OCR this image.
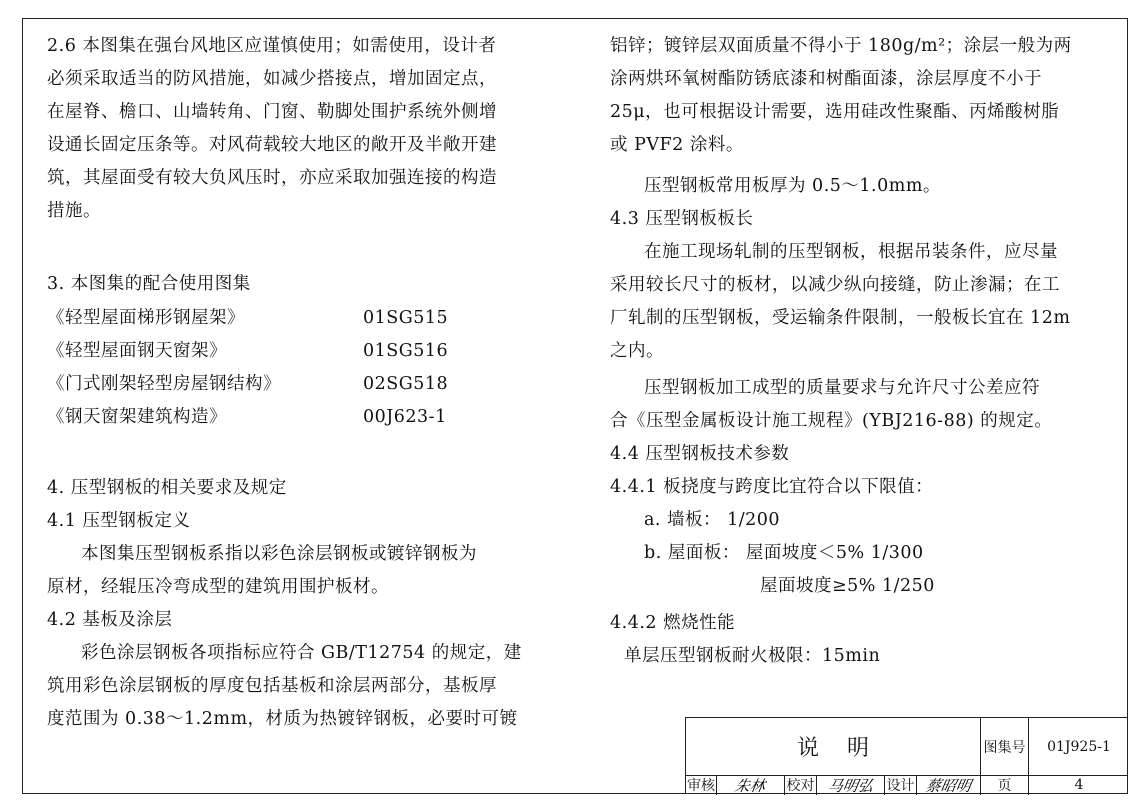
2.6 本图集在强台风地区应谨慎使用；如需使用，设计者
必须采取适当的防风措施，如减少搭接点，增加固定点，
在屋脊、檐口、山墙转角、门窗、勒脚处围护系统外侧增
设通长固定压条等。对风荷载较大地区的敞开及半敞开建
筑，其屋面受有较大负风压时，亦应采取加强连接的构造
措施。
3. 本图集的配合使用图集
4. 压型钢板的相关要求及规定
4.1 压型钢板定义
本图集压型钢板系指以彩色涂层钢板或镀锌钢板为
原材，经辊压冷弯成型的建筑用围护板材。
4.2 基板及涂层
彩色涂层钢板各项指标应符合 GB/T12754 的规定，建
筑用彩色涂层钢板的厚度包括基板和涂层两部分，基板厚
度范围为 0.38～1.2mm，材质为热镀锌钢板，必要时可镀
《轻型屋面梯形钢屋架》	01SG515
《轻型屋面钢天窗架》	01SG516
《门式刚架轻型房屋钢结构》	02SG518
《钢天窗架建筑构造》	00J623-1
铝锌；镀锌层双面质量不得小于 180g/m²；涂层一般为两
涂两烘环氧树酯防锈底漆和树酯面漆，涂层厚度不小于
25μ，也可根据设计需要，选用硅改性聚酯、丙烯酸树脂
或 PVF2 涂料。
压型钢板常用板厚为 0.5～1.0mm。
4.3 压型钢板板长
在施工现场轧制的压型钢板，根据吊装条件，应尽量
采用较长尺寸的板材，以减少纵向接缝，防止渗漏；在工
厂轧制的压型钢板，受运输条件限制，一般板长宜在 12m
之内。
压型钢板加工成型的质量要求与允许尺寸公差应符
合《压型金属板设计施工规程》(YBJ216-88) 的规定。
4.4 压型钢板技术参数
4.4.1 板挠度与跨度比宜符合以下限值：
a. 墙板： 1/200
b. 屋面板： 屋面坡度＜5% 1/300
屋面坡度≥5% 1/250
4.4.2 燃烧性能
单层压型钢板耐火极限：15min
说明	图集号 01J925-1
审核 朱林 校对 马明弘 设计 蔡昭明 页	4
